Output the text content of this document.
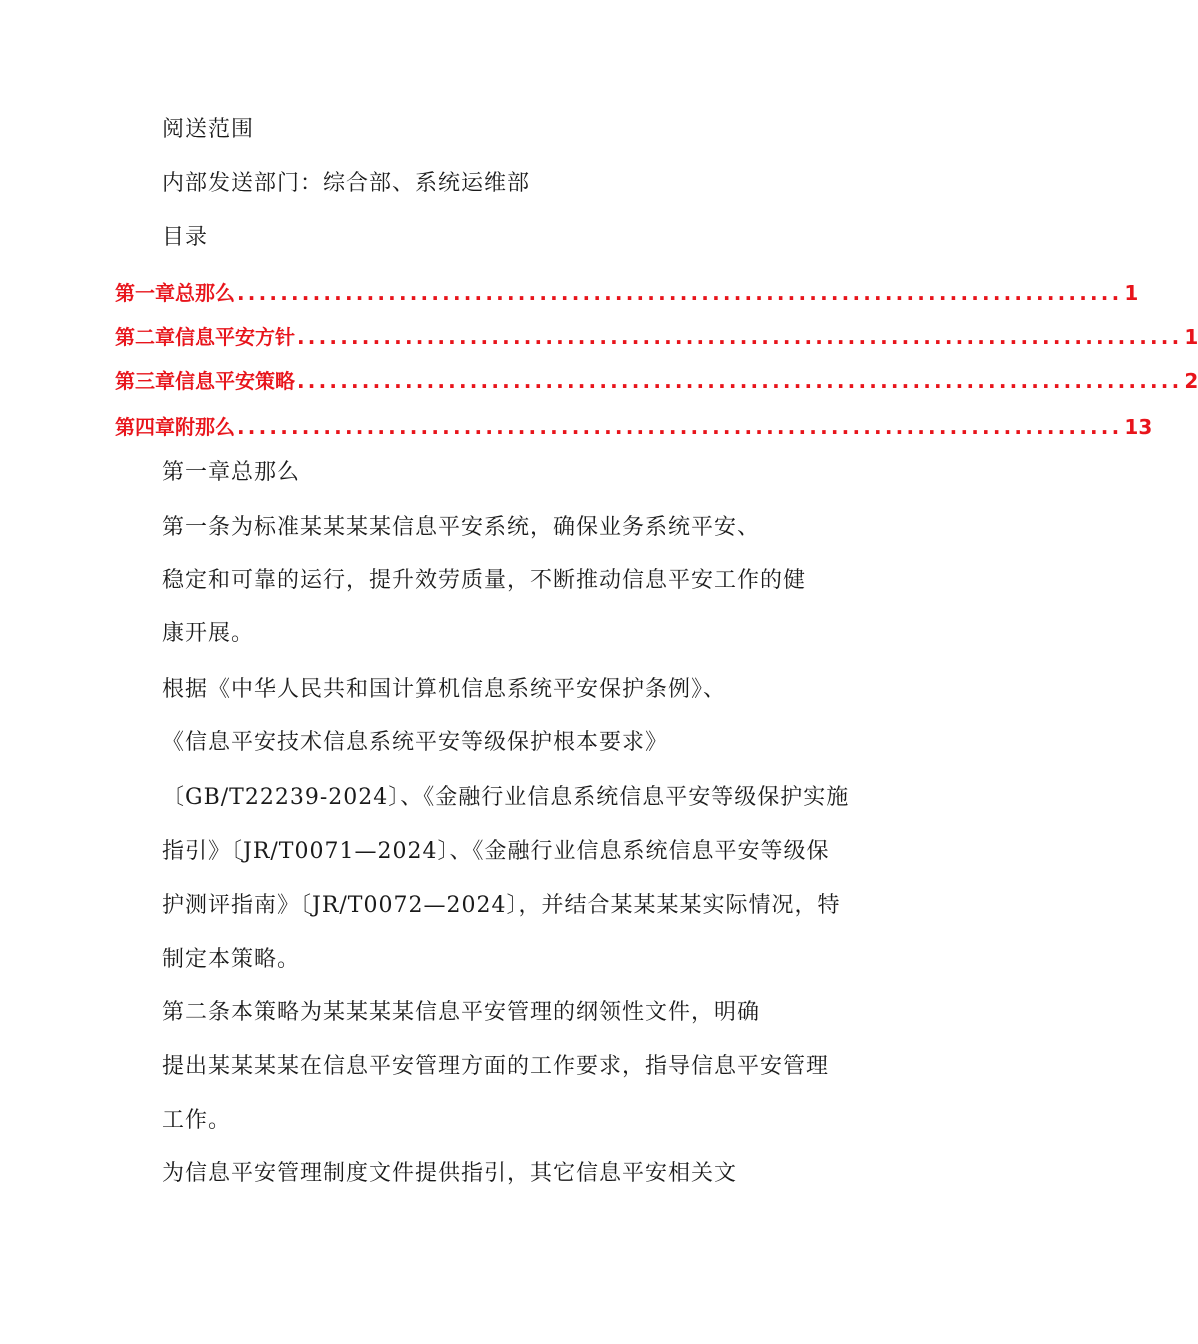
阅送范围
内部发送部门：综合部、系统运维部
目录
第一章总那么 .................................................................................. 1
第二章信息平安方针 .................................................................................. 1
第三章信息平安策略 .................................................................................. 2
第四章附那么 .................................................................................. 13
第一章总那么
第一条为标准某某某某信息平安系统，确保业务系统平安、
稳定和可靠的运行，提升效劳质量，不断推动信息平安工作的健
康开展。
根据《中华人民共和国计算机信息系统平安保护条例》、
《信息平安技术信息系统平安等级保护根本要求》
〔GB/T22239-2024〕、《金融行业信息系统信息平安等级保护实施
指引》〔JR/T0071—2024〕、《金融行业信息系统信息平安等级保
护测评指南》〔JR/T0072—2024〕，并结合某某某某实际情况，特
制定本策略。
第二条本策略为某某某某信息平安管理的纲领性文件，明确
提出某某某某在信息平安管理方面的工作要求，指导信息平安管理
工作。
为信息平安管理制度文件提供指引，其它信息平安相关文
